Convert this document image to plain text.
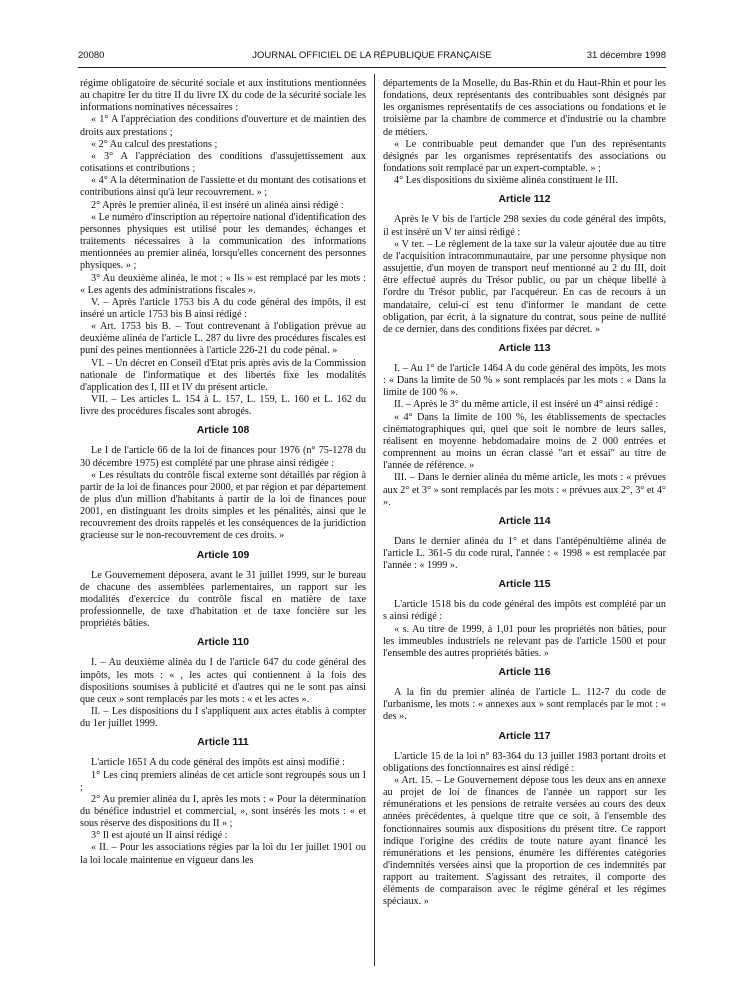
20080	JOURNAL OFFICIEL DE LA RÉPUBLIQUE FRANÇAISE	31 décembre 1998

régime obligatoire de sécurité sociale et aux institutions mentionnées au chapitre Ier du titre II du livre IX du code de la sécurité sociale les informations nominatives nécessaires :

« 1° A l'appréciation des conditions d'ouverture et de maintien des droits aux prestations ;

« 2° Au calcul des prestations ;

« 3° A l'appréciation des conditions d'assujettissement aux cotisations et contributions ;

« 4° A la détermination de l'assiette et du montant des cotisations et contributions ainsi qu'à leur recouvrement. » ;

2° Après le premier alinéa, il est inséré un alinéa ainsi rédigé :

« Le numéro d'inscription au répertoire national d'identification des personnes physiques est utilisé pour les demandes, échanges et traitements nécessaires à la communication des informations mentionnées au premier alinéa, lorsqu'elles concernent des personnes physiques. » ;

3° Au deuxième alinéa, le mot : « Ils » est remplacé par les mots : « Les agents des administrations fiscales ».

V. – Après l'article 1753 bis A du code général des impôts, il est inséré un article 1753 bis B ainsi rédigé :

« Art. 1753 bis B. – Tout contrevenant à l'obligation prévue au deuxième alinéa de l'article L. 287 du livre des procédures fiscales est puni des peines mentionnées à l'article 226-21 du code pénal. »

VI. – Un décret en Conseil d'Etat pris après avis de la Commission nationale de l'informatique et des libertés fixe les modalités d'application des I, III et IV du présent article.

VII. – Les articles L. 154 à L. 157, L. 159, L. 160 et L. 162 du livre des procédures fiscales sont abrogés.

Article 108

Le I de l'article 66 de la loi de finances pour 1976 (n° 75-1278 du 30 décembre 1975) est complété par une phrase ainsi rédigée :

« Les résultats du contrôle fiscal externe sont détaillés par région à partir de la loi de finances pour 2000, et par région et par département de plus d'un million d'habitants à partir de la loi de finances pour 2001, en distinguant les droits simples et les pénalités, ainsi que le recouvrement des droits rappelés et les conséquences de la juridiction gracieuse sur le non-recouvrement de ces droits. »

Article 109

Le Gouvernement déposera, avant le 31 juillet 1999, sur le bureau de chacune des assemblées parlementaires, un rapport sur les modalités d'exercice du contrôle fiscal en matière de taxe professionnelle, de taxe d'habitation et de taxe foncière sur les propriétés bâties.

Article 110

I. – Au deuxième alinéa du I de l'article 647 du code général des impôts, les mots : « , les actes qui contiennent à la fois des dispositions soumises à publicité et d'autres qui ne le sont pas ainsi que ceux » sont remplacés par les mots : « et les actes ».

II. – Les dispositions du I s'appliquent aux actes établis à compter du 1er juillet 1999.

Article 111

L'article 1651 A du code général des impôts est ainsi modifié :

1° Les cinq premiers alinéas de cet article sont regroupés sous un I ;

2° Au premier alinéa du I, après les mots : « Pour la détermination du bénéfice industriel et commercial, », sont insérés les mots : « et sous réserve des dispositions du II » ;

3° Il est ajouté un II ainsi rédigé :

« II. – Pour les associations régies par la loi du 1er juillet 1901 ou la loi locale maintenue en vigueur dans les

départements de la Moselle, du Bas-Rhin et du Haut-Rhin et pour les fondations, deux représentants des contribuables sont désignés par les organismes représentatifs de ces associations ou fondations et le troisième par la chambre de commerce et d'industrie ou la chambre de métiers.

« Le contribuable peut demander que l'un des représentants désignés par les organismes représentatifs des associations ou fondations soit remplacé par un expert-comptable. » ;

4° Les dispositions du sixième alinéa constituent le III.

Article 112

Après le V bis de l'article 298 sexies du code général des impôts, il est inséré un V ter ainsi rédigé :

« V ter. – Le règlement de la taxe sur la valeur ajoutée due au titre de l'acquisition intracommunautaire, par une personne physique non assujettie, d'un moyen de transport neuf mentionné au 2 du III, doit être effectué auprès du Trésor public, ou par un chèque libellé à l'ordre du Trésor public, par l'acquéreur. En cas de recours à un mandataire, celui-ci est tenu d'informer le mandant de cette obligation, par écrit, à la signature du contrat, sous peine de nullité de ce dernier, dans des conditions fixées par décret. »

Article 113

I. – Au 1° de l'article 1464 A du code général des impôts, les mots : « Dans la limite de 50 % » sont remplacés par les mots : « Dans la limite de 100 % ».

II. – Après le 3° du même article, il est inséré un 4° ainsi rédigé :

« 4° Dans la limite de 100 %, les établissements de spectacles cinématographiques qui, quel que soit le nombre de leurs salles, réalisent en moyenne hebdomadaire moins de 2 000 entrées et comprennent au moins un écran classé "art et essai" au titre de l'année de référence. »

III. – Dans le dernier alinéa du même article, les mots : « prévues aux 2° et 3° » sont remplacés par les mots : « prévues aux 2°, 3° et 4° ».

Article 114

Dans le dernier alinéa du 1° et dans l'antépénultième alinéa de l'article L. 361-5 du code rural, l'année : « 1998 » est remplacée par l'année : « 1999 ».

Article 115

L'article 1518 bis du code général des impôts est complété par un s ainsi rédigé :

« s. Au titre de 1999, à 1,01 pour les propriétés non bâties, pour les immeubles industriels ne relevant pas de l'article 1500 et pour l'ensemble des autres propriétés bâties. »

Article 116

A la fin du premier alinéa de l'article L. 112-7 du code de l'urbanisme, les mots : « annexes aux » sont remplacés par le mot : « des ».

Article 117

L'article 15 de la loi n° 83-364 du 13 juillet 1983 portant droits et obligations des fonctionnaires est ainsi rédigé :

« Art. 15. – Le Gouvernement dépose tous les deux ans en annexe au projet de loi de finances de l'année un rapport sur les rémunérations et les pensions de retraite versées au cours des deux années précédentes, à quelque titre que ce soit, à l'ensemble des fonctionnaires soumis aux dispositions du présent titre. Ce rapport indique l'origine des crédits de toute nature ayant financé les rémunérations et les pensions, énumère les différentes catégories d'indemnités versées ainsi que la proportion de ces indemnités par rapport au traitement. S'agissant des retraites, il comporte des éléments de comparaison avec le régime général et les régimes spéciaux. »
